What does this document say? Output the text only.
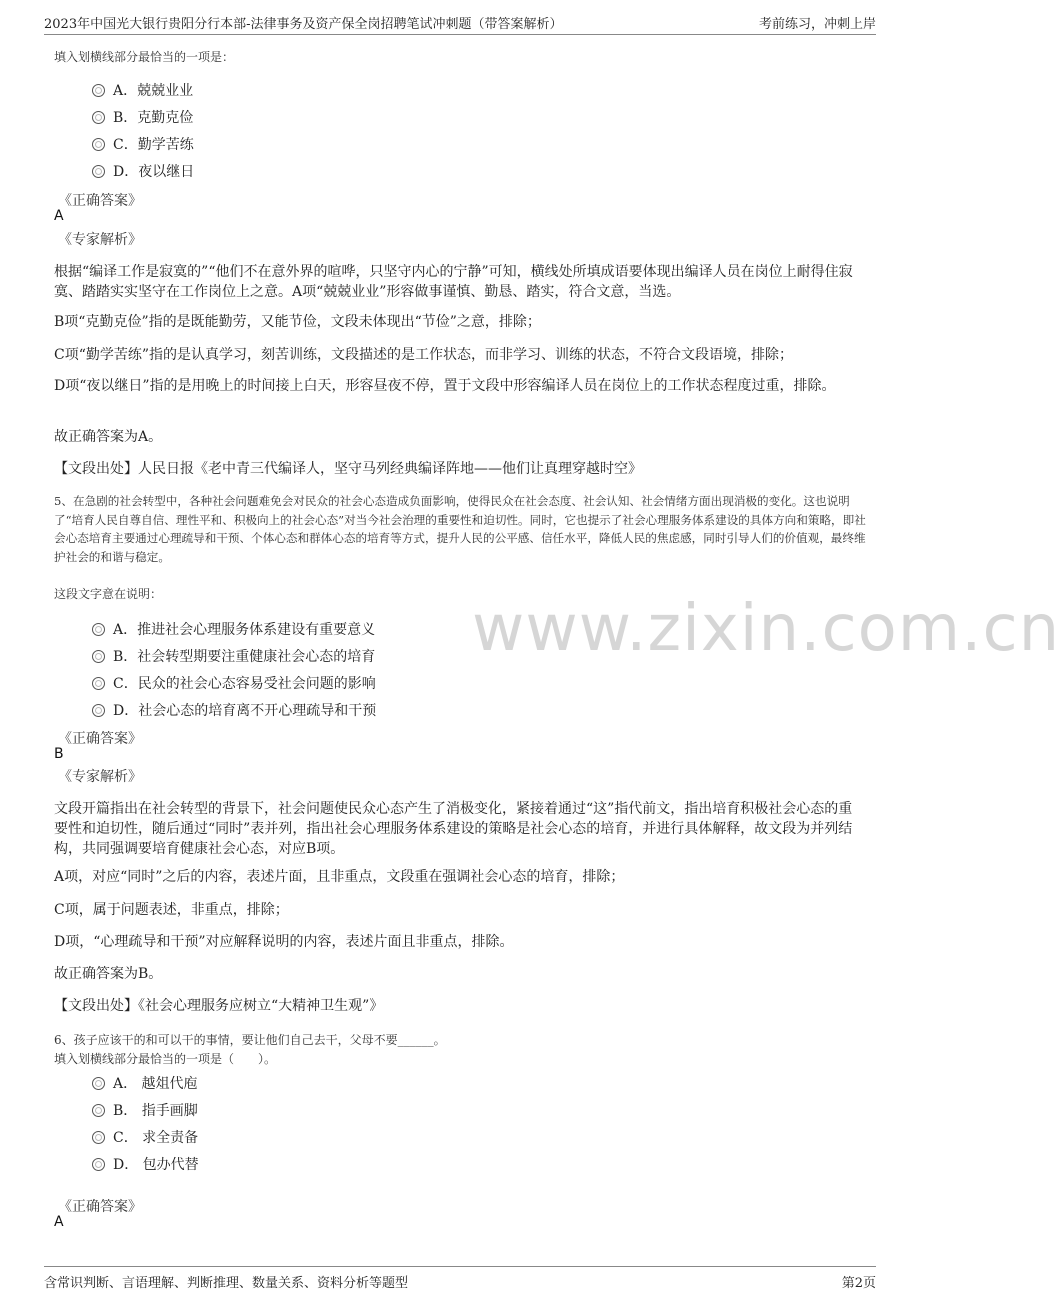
2023年中国光大银行贵阳分行本部-法律事务及资产保全岗招聘笔试冲刺题（带答案解析）	考前练习，冲刺上岸
www.zixin.com.cn
填入划横线部分最恰当的一项是：
A．兢兢业业
B．克勤克俭
C．勤学苦练
D．夜以继日
《正确答案》
A
《专家解析》
根据“编译工作是寂寞的”“他们不在意外界的喧哗，只坚守内心的宁静”可知，横线处所填成语要体现出编译人员在岗位上耐得住寂寞、踏踏实实坚守在工作岗位上之意。A项“兢兢业业”形容做事谨慎、勤恳、踏实，符合文意，当选。
B项“克勤克俭”指的是既能勤劳，又能节俭，文段未体现出“节俭”之意，排除；
C项“勤学苦练”指的是认真学习，刻苦训练，文段描述的是工作状态，而非学习、训练的状态，不符合文段语境，排除；
D项“夜以继日”指的是用晚上的时间接上白天，形容昼夜不停，置于文段中形容编译人员在岗位上的工作状态程度过重，排除。
故正确答案为A。
【文段出处】人民日报《老中青三代编译人，坚守马列经典编译阵地——他们让真理穿越时空》
5、在急剧的社会转型中，各种社会问题难免会对民众的社会心态造成负面影响，使得民众在社会态度、社会认知、社会情绪方面出现消极的变化。这也说明了“培育人民自尊自信、理性平和、积极向上的社会心态”对当今社会治理的重要性和迫切性。同时，它也提示了社会心理服务体系建设的具体方向和策略，即社会心态培育主要通过心理疏导和干预、个体心态和群体心态的培育等方式，提升人民的公平感、信任水平，降低人民的焦虑感，同时引导人们的价值观，最终维护社会的和谐与稳定。
这段文字意在说明：
A．推进社会心理服务体系建设有重要意义
B．社会转型期要注重健康社会心态的培育
C．民众的社会心态容易受社会问题的影响
D．社会心态的培育离不开心理疏导和干预
《正确答案》
B
《专家解析》
文段开篇指出在社会转型的背景下，社会问题使民众心态产生了消极变化，紧接着通过“这”指代前文，指出培育积极社会心态的重要性和迫切性，随后通过“同时”表并列，指出社会心理服务体系建设的策略是社会心态的培育，并进行具体解释，故文段为并列结构，共同强调要培育健康社会心态，对应B项。
A项，对应“同时”之后的内容，表述片面，且非重点，文段重在强调社会心态的培育，排除；
C项，属于问题表述，非重点，排除；
D项，“心理疏导和干预”对应解释说明的内容，表述片面且非重点，排除。
故正确答案为B。
【文段出处】《社会心理服务应树立“大精神卫生观”》
6、孩子应该干的和可以干的事情，要让他们自己去干，父母不要______。
填入划横线部分最恰当的一项是（　　）。
A． 越俎代庖
B． 指手画脚
C． 求全责备
D． 包办代替
《正确答案》
A
含常识判断、言语理解、判断推理、数量关系、资料分析等题型	第2页
